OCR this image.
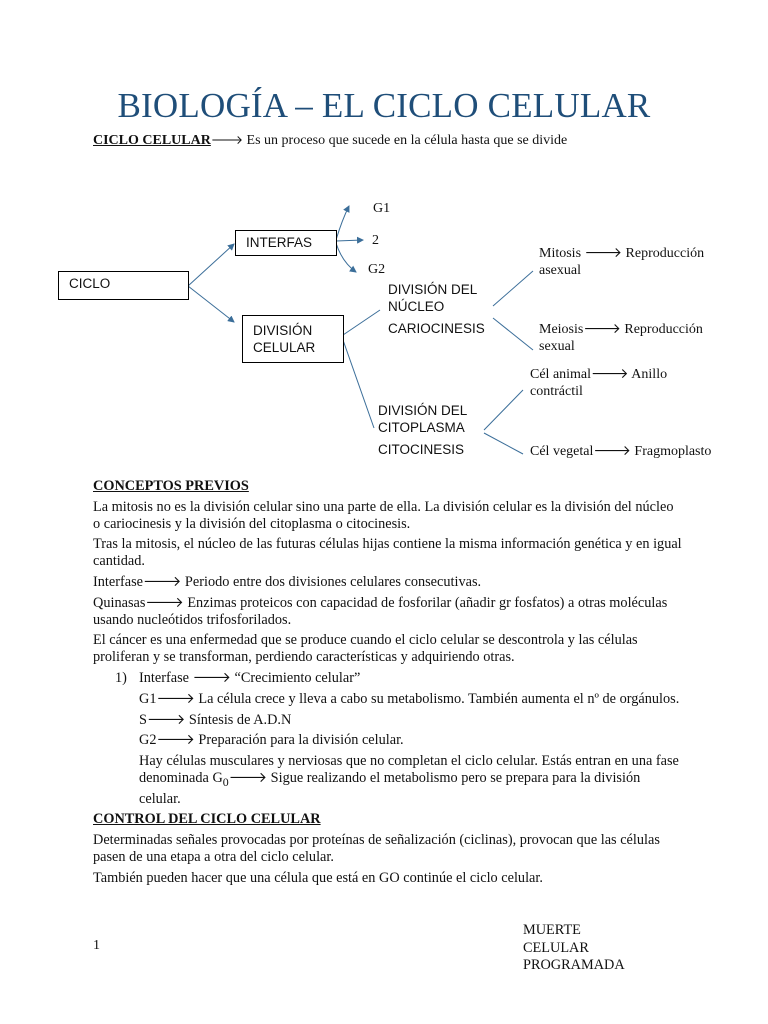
BIOLOGÍA – EL CICLO CELULAR
CICLO CELULAR🡒 Es un proceso que sucede en la célula hasta que se divide
CICLO
INTERFAS
DIVISIÓN
CELULAR
G1
2
G2
DIVISIÓN DEL
NÚCLEO
CARIOCINESIS
Mitosis 🡒 Reproducción
asexual
Meiosis🡒 Reproducción
sexual
DIVISIÓN DEL
CITOPLASMA
CITOCINESIS
Cél animal🡒 Anillo
contráctil
Cél vegetal🡒 Fragmoplasto
CONCEPTOS PREVIOS

La mitosis no es la división celular sino una parte de ella. La división celular es la división del núcleo o cariocinesis y la división del citoplasma o citocinesis.

Tras la mitosis, el núcleo de las futuras células hijas contiene la misma información genética y en igual cantidad.

Interfase🡒 Periodo entre dos divisiones celulares consecutivas.

Quinasas🡒 Enzimas proteicos con capacidad de fosforilar (añadir gr fosfatos) a otras moléculas usando nucleótidos trifosforilados.

El cáncer es una enfermedad que se produce cuando el ciclo celular se descontrola y las células proliferan y se transforman, perdiendo características y adquiriendo otras.

1) Interfase 🡒 “Crecimiento celular”

G1🡒 La célula crece y lleva a cabo su metabolismo. También aumenta el nº de orgánulos.

S🡒 Síntesis de A.D.N

G2🡒 Preparación para la división celular.

Hay células musculares y nerviosas que no completan el ciclo celular. Estás entran en una fase denominada $G_0🡒$ Sigue realizando el metabolismo pero se prepara para la división celular.

CONTROL DEL CICLO CELULAR

Determinadas señales provocadas por proteínas de señalización (ciclinas), provocan que las células pasen de una etapa a otra del ciclo celular.

También pueden hacer que una célula que está en GO continúe el ciclo celular.

1
MUERTE
CELULAR
PROGRAMADA
